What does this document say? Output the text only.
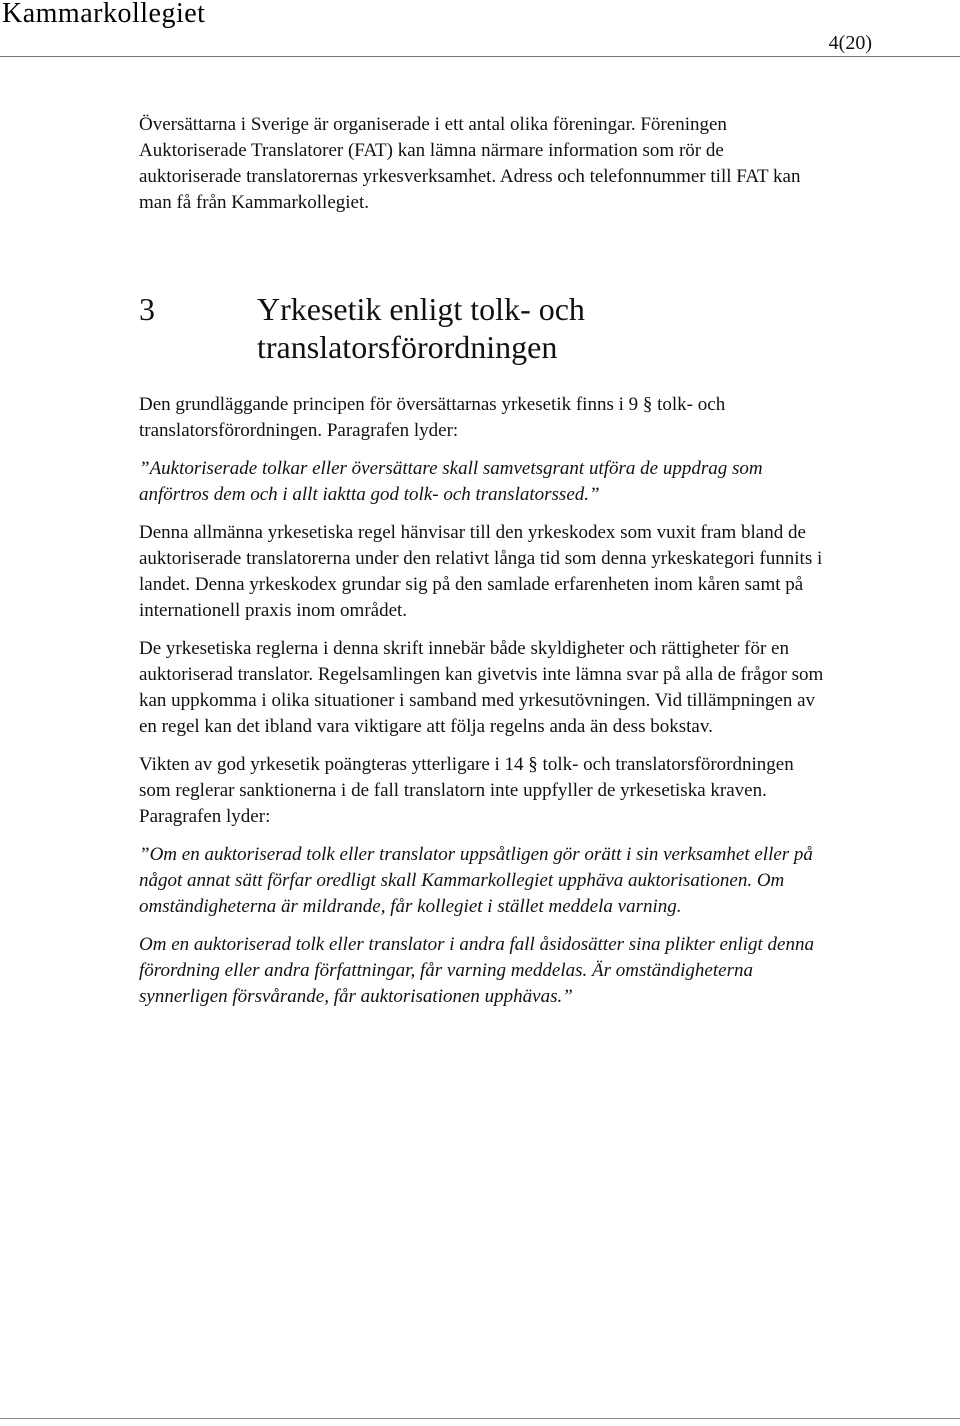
Kammarkollegiet
4(20)

Översättarna i Sverige är organiserade i ett antal olika föreningar. Föreningen Auktoriserade Translatorer (FAT) kan lämna närmare information som rör de auktoriserade translatorernas yrkesverksamhet. Adress och telefonnummer till FAT kan man få från Kammarkollegiet.

3	Yrkesetik enligt tolk- och translatorsförordningen

Den grundläggande principen för översättarnas yrkesetik finns i 9 § tolk- och translatorsförordningen. Paragrafen lyder:

”Auktoriserade tolkar eller översättare skall samvetsgrant utföra de uppdrag som anförtros dem och i allt iaktta god tolk- och translatorssed.”

Denna allmänna yrkesetiska regel hänvisar till den yrkeskodex som vuxit fram bland de auktoriserade translatorerna under den relativt långa tid som denna yrkeskategori funnits i landet. Denna yrkeskodex grundar sig på den samlade erfarenheten inom kåren samt på internationell praxis inom området.

De yrkesetiska reglerna i denna skrift innebär både skyldigheter och rättigheter för en auktoriserad translator. Regelsamlingen kan givetvis inte lämna svar på alla de frågor som kan uppkomma i olika situationer i samband med yrkesutövningen. Vid tillämpningen av en regel kan det ibland vara viktigare att följa regelns anda än dess bokstav.

Vikten av god yrkesetik poängteras ytterligare i 14 § tolk- och translatorsförordningen som reglerar sanktionerna i de fall translatorn inte uppfyller de yrkesetiska kraven. Paragrafen lyder:

”Om en auktoriserad tolk eller translator uppsåtligen gör orätt i sin verksamhet eller på något annat sätt förfar oredligt skall Kammarkollegiet upphäva auktorisationen. Om omständigheterna är mildrande, får kollegiet i stället meddela varning.

Om en auktoriserad tolk eller translator i andra fall åsidosätter sina plikter enligt denna förordning eller andra författningar, får varning meddelas. Är omständigheterna synnerligen försvårande, får auktorisationen upphävas.”
